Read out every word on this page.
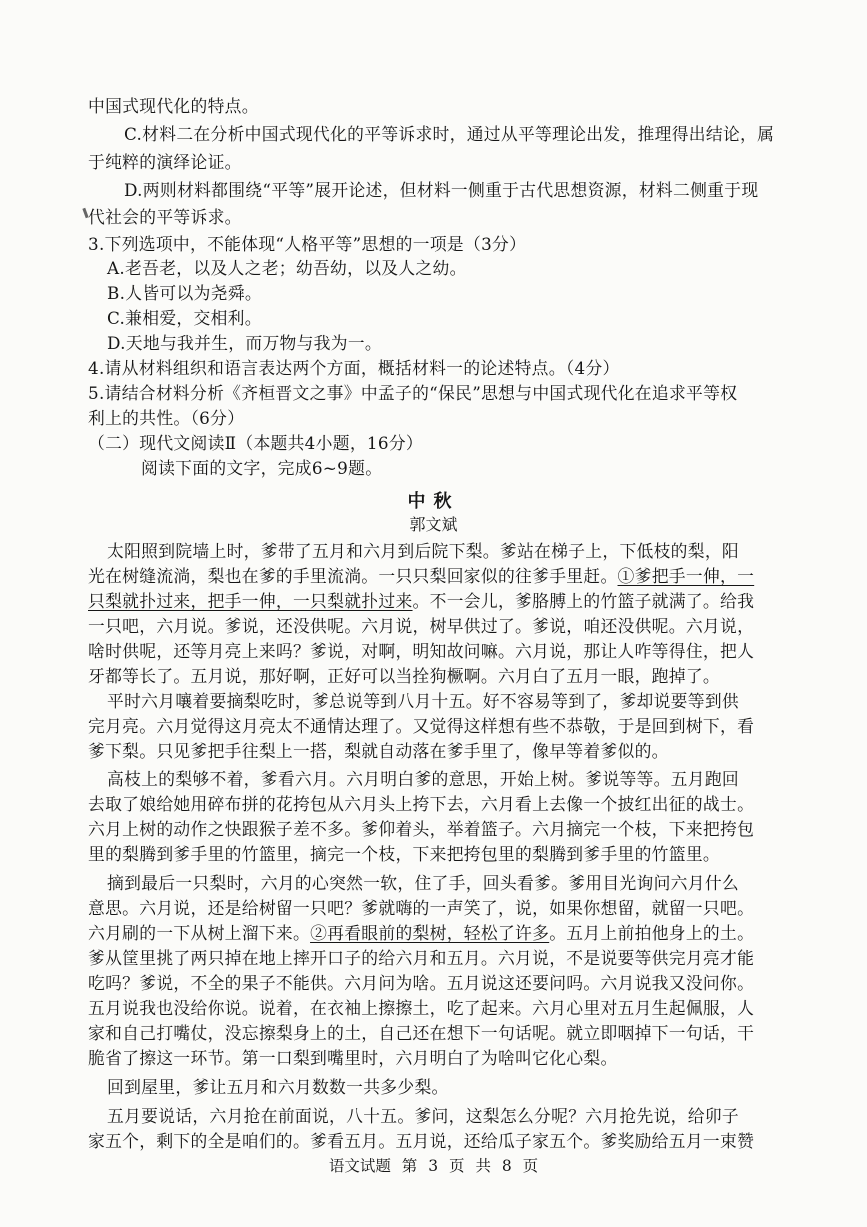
中国式现代化的特点。
C.材料二在分析中国式现代化的平等诉求时，通过从平等理论出发，推理得出结论，属
于纯粹的演绎论证。
D.两则材料都围绕“平等”展开论述，但材料一侧重于古代思想资源，材料二侧重于现
代社会的平等诉求。
3.下列选项中，不能体现“人格平等”思想的一项是（3分）
A.老吾老，以及人之老；幼吾幼，以及人之幼。
B.人皆可以为尧舜。
C.兼相爱，交相利。
D.天地与我并生，而万物与我为一。
4.请从材料组织和语言表达两个方面，概括材料一的论述特点。（4分）
5.请结合材料分析《齐桓晋文之事》中孟子的“保民”思想与中国式现代化在追求平等权
利上的共性。（6分）
（二）现代文阅读Ⅱ（本题共4小题，16分）
阅读下面的文字，完成6~9题。
中秋
郭文斌
太阳照到院墙上时，爹带了五月和六月到后院下梨。爹站在梯子上，下低枝的梨，阳
光在树缝流淌，梨也在爹的手里流淌。一只只梨回家似的往爹手里赶。①爹把手一伸，一
只梨就扑过来，把手一伸，一只梨就扑过来。不一会儿，爹胳膊上的竹篮子就满了。给我
一只吧，六月说。爹说，还没供呢。六月说，树早供过了。爹说，咱还没供呢。六月说，
啥时供呢，还等月亮上来吗？爹说，对啊，明知故问嘛。六月说，那让人咋等得住，把人
牙都等长了。五月说，那好啊，正好可以当拴狗橛啊。六月白了五月一眼，跑掉了。
平时六月嚷着要摘梨吃时，爹总说等到八月十五。好不容易等到了，爹却说要等到供
完月亮。六月觉得这月亮太不通情达理了。又觉得这样想有些不恭敬，于是回到树下，看
爹下梨。只见爹把手往梨上一搭，梨就自动落在爹手里了，像早等着爹似的。
高枝上的梨够不着，爹看六月。六月明白爹的意思，开始上树。爹说等等。五月跑回
去取了娘给她用碎布拼的花挎包从六月头上挎下去，六月看上去像一个披红出征的战士。
六月上树的动作之快跟猴子差不多。爹仰着头，举着篮子。六月摘完一个枝，下来把挎包
里的梨腾到爹手里的竹篮里，摘完一个枝，下来把挎包里的梨腾到爹手里的竹篮里。
摘到最后一只梨时，六月的心突然一软，住了手，回头看爹。爹用目光询问六月什么
意思。六月说，还是给树留一只吧？爹就嗨的一声笑了，说，如果你想留，就留一只吧。
六月刷的一下从树上溜下来。②再看眼前的梨树，轻松了许多。五月上前拍他身上的土。
爹从筐里挑了两只掉在地上摔开口子的给六月和五月。六月说，不是说要等供完月亮才能
吃吗？爹说，不全的果子不能供。六月问为啥。五月说这还要问吗。六月说我又没问你。
五月说我也没给你说。说着，在衣袖上擦擦土，吃了起来。六月心里对五月生起佩服，人
家和自己打嘴仗，没忘擦梨身上的土，自己还在想下一句话呢。就立即咽掉下一句话，干
脆省了擦这一环节。第一口梨到嘴里时，六月明白了为啥叫它化心梨。
回到屋里，爹让五月和六月数数一共多少梨。
五月要说话，六月抢在前面说，八十五。爹问，这梨怎么分呢？六月抢先说，给卯子
家五个，剩下的全是咱们的。爹看五月。五月说，还给瓜子家五个。爹奖励给五月一束赞
语文试题 第 3 页 共 8 页
